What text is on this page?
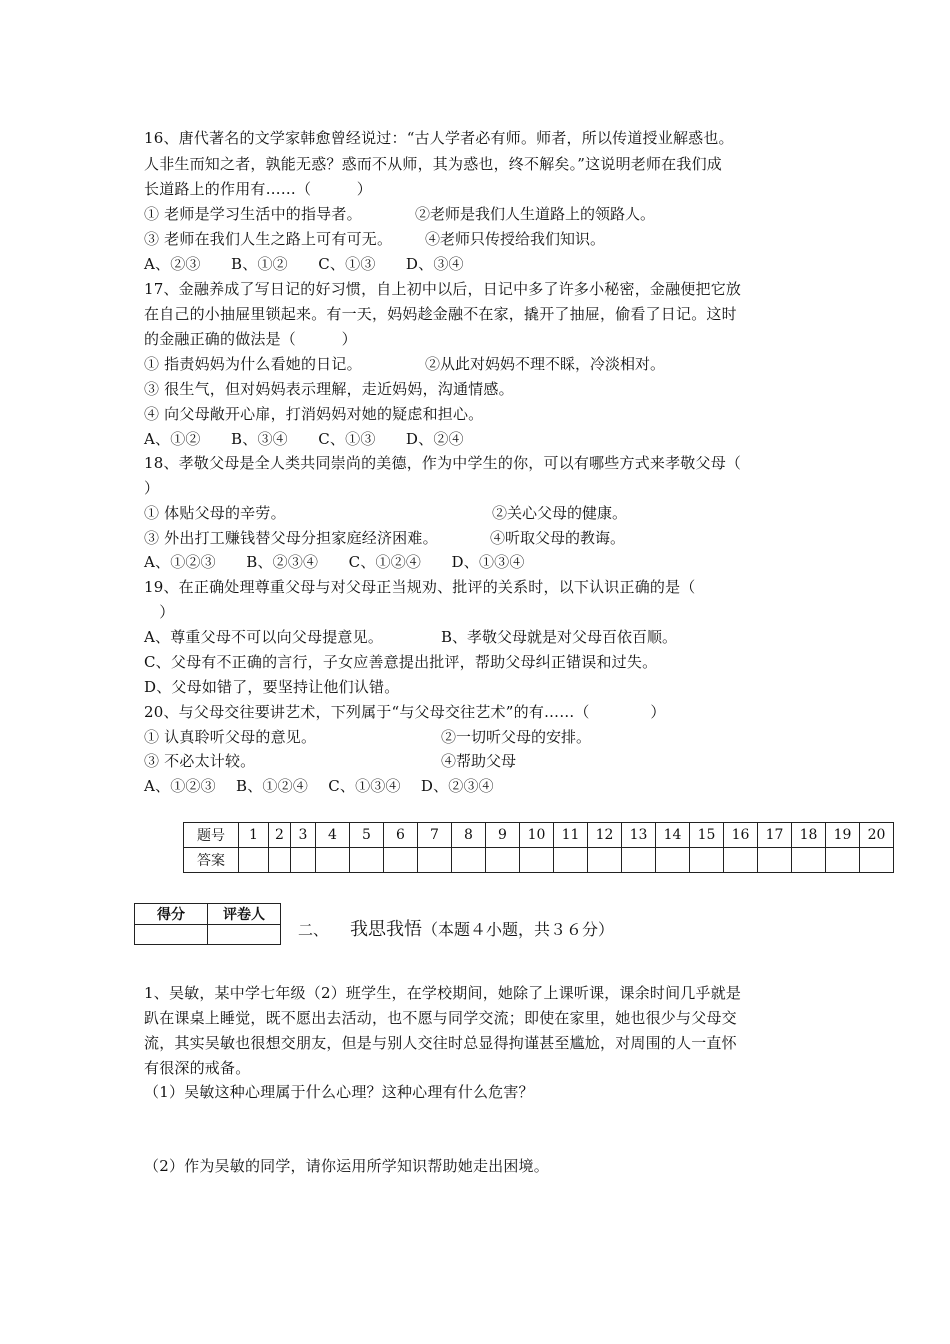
16、唐代著名的文学家韩愈曾经说过：“古人学者必有师。师者，所以传道授业解惑也。
人非生而知之者，孰能无惑？惑而不从师，其为惑也，终不解矣。”这说明老师在我们成
长道路上的作用有……（　　　）
① 老师是学习生活中的指导者。	②老师是我们人生道路上的领路人。
③ 老师在我们人生之路上可有可无。 ④老师只传授给我们知识。
A、②③　　B、①②　　C、①③　　D、③④
17、金融养成了写日记的好习惯，自上初中以后，日记中多了许多小秘密，金融便把它放
在自己的小抽屉里锁起来。有一天，妈妈趁金融不在家，撬开了抽屉，偷看了日记。这时
的金融正确的做法是（　　　）
① 指责妈妈为什么看她的日记。	②从此对妈妈不理不睬，冷淡相对。
③ 很生气，但对妈妈表示理解，走近妈妈，沟通情感。
④ 向父母敞开心扉，打消妈妈对她的疑虑和担心。
A、①②　　B、③④　　C、①③　　D、②④
18、孝敬父母是全人类共同崇尚的美德，作为中学生的你，可以有哪些方式来孝敬父母（
）
① 体贴父母的辛劳。	②关心父母的健康。
③ 外出打工赚钱替父母分担家庭经济困难。	④听取父母的教诲。
A、①②③　　B、②③④　　C、①②④　　D、①③④
19、在正确处理尊重父母与对父母正当规劝、批评的关系时，以下认识正确的是（
　）
A、尊重父母不可以向父母提意见。	B、孝敬父母就是对父母百依百顺。
C、父母有不正确的言行，子女应善意提出批评，帮助父母纠正错误和过失。
D、父母如错了，要坚持让他们认错。
20、与父母交往要讲艺术，下列属于“与父母交往艺术”的有……（　　　　）
① 认真聆听父母的意见。	②一切听父母的安排。
③ 不必太计较。	④帮助父母
A、①②③　 B、①②④　 C、①③④　 D、②③④
题号	1	2	3	4	5	6	7	8	9	10	11	12	13	14	15	16	17	18	19	20
答案																				
得分	评卷人

二、 我思我悟（本题４小题，共３６分）
1、吴敏，某中学七年级（2）班学生，在学校期间，她除了上课听课，课余时间几乎就是
趴在课桌上睡觉，既不愿出去活动，也不愿与同学交流；即使在家里，她也很少与父母交
流，其实吴敏也很想交朋友，但是与别人交往时总显得拘谨甚至尴尬，对周围的人一直怀
有很深的戒备。
（1）吴敏这种心理属于什么心理？这种心理有什么危害？
（2）作为吴敏的同学，请你运用所学知识帮助她走出困境。
